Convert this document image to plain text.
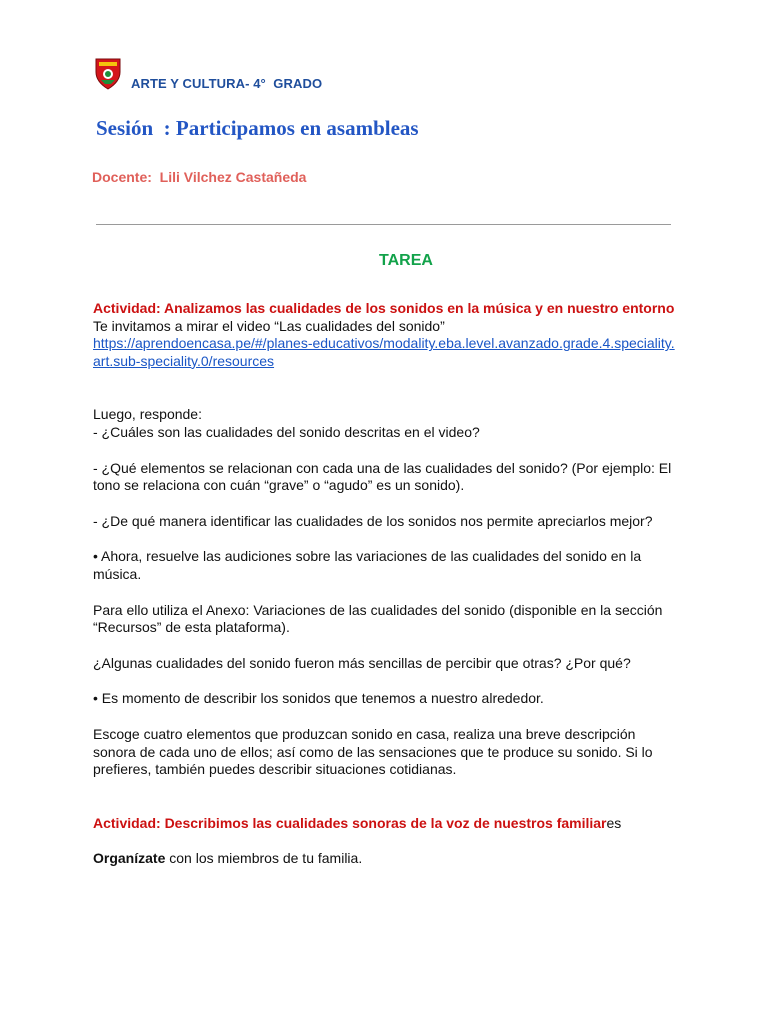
ARTE Y CULTURA- 4°  GRADO
Sesión  : Participamos en asambleas
Docente:  Lili Vilchez Castañeda
TAREA

Actividad: Analizamos las cualidades de los sonidos en la música y en nuestro entorno

Te invitamos a mirar el video “Las cualidades del sonido”

https://aprendoencasa.pe/#/planes-educativos/modality.eba.level.avanzado.grade.4.speciality.art.sub-speciality.0/resources

Luego, responde:

- ¿Cuáles son las cualidades del sonido descritas en el video?

- ¿Qué elementos se relacionan con cada una de las cualidades del sonido? (Por ejemplo: El tono se relaciona con cuán “grave” o “agudo” es un sonido).

- ¿De qué manera identificar las cualidades de los sonidos nos permite apreciarlos mejor?

• Ahora, resuelve las audiciones sobre las variaciones de las cualidades del sonido en la música.

Para ello utiliza el Anexo: Variaciones de las cualidades del sonido (disponible en la sección “Recursos” de esta plataforma).

¿Algunas cualidades del sonido fueron más sencillas de percibir que otras? ¿Por qué?

• Es momento de describir los sonidos que tenemos a nuestro alrededor.

Escoge cuatro elementos que produzcan sonido en casa, realiza una breve descripción sonora de cada uno de ellos; así como de las sensaciones que te produce su sonido. Si lo prefieres, también puedes describir situaciones cotidianas.

Actividad: Describimos las cualidades sonoras de la voz de nuestros familiares

Organízate con los miembros de tu familia.
